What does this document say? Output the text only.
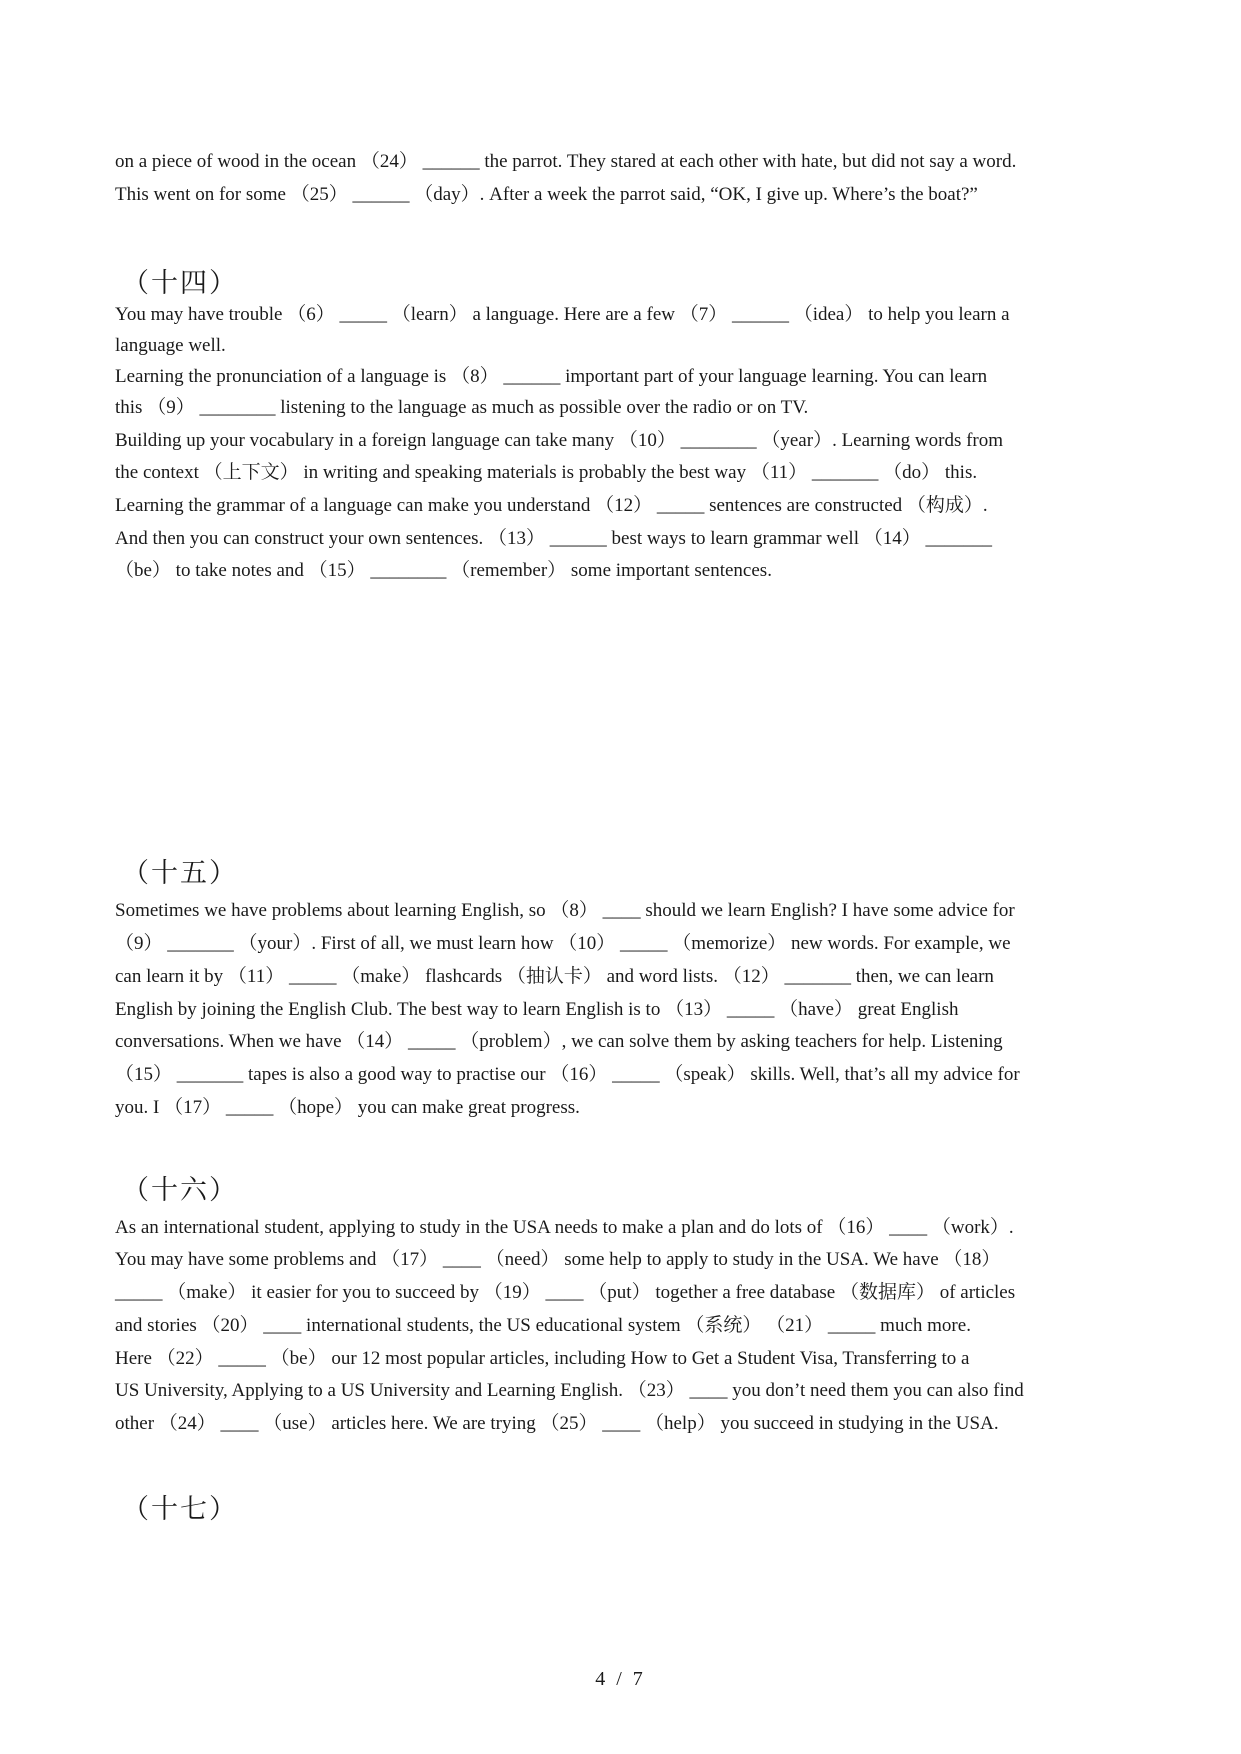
on a piece of wood in the ocean （24） ______ the parrot. They stared at each other with hate, but did not say a word.
This went on for some （25） ______ （day）. After a week the parrot said, “OK, I give up. Where’s the boat?”
（十四）
You may have trouble （6） _____ （learn） a language. Here are a few （7） ______ （idea） to help you learn a
language well.
Learning the pronunciation of a language is （8） ______ important part of your language learning. You can learn
this （9） ________ listening to the language as much as possible over the radio or on TV.
Building up your vocabulary in a foreign language can take many （10） ________ （year）. Learning words from
the context （上下文） in writing and speaking materials is probably the best way （11） _______ （do） this.
Learning the grammar of a language can make you understand （12） _____ sentences are constructed （构成）.
And then you can construct your own sentences. （13） ______ best ways to learn grammar well （14） _______
（be） to take notes and （15） ________ （remember） some important sentences.
（十五）
Sometimes we have problems about learning English, so （8） ____ should we learn English? I have some advice for
（9） _______ （your）. First of all, we must learn how （10） _____ （memorize） new words. For example, we
can learn it by （11） _____ （make） flashcards （抽认卡） and word lists. （12） _______ then, we can learn
English by joining the English Club. The best way to learn English is to （13） _____ （have） great English
conversations. When we have （14） _____ （problem）, we can solve them by asking teachers for help. Listening
（15） _______ tapes is also a good way to practise our （16） _____ （speak） skills. Well, that’s all my advice for
you. I （17） _____ （hope） you can make great progress.
（十六）
As an international student, applying to study in the USA needs to make a plan and do lots of （16） ____ （work）.
You may have some problems and （17） ____ （need） some help to apply to study in the USA. We have （18）
_____ （make） it easier for you to succeed by （19） ____ （put） together a free database （数据库） of articles
and stories （20） ____ international students, the US educational system （系统） （21） _____ much more.
Here （22） _____ （be） our 12 most popular articles, including How to Get a Student Visa, Transferring to a
US University, Applying to a US University and Learning English. （23） ____ you don’t need them you can also find
other （24） ____ （use） articles here. We are trying （25） ____ （help） you succeed in studying in the USA.
（十七）
4 / 7
